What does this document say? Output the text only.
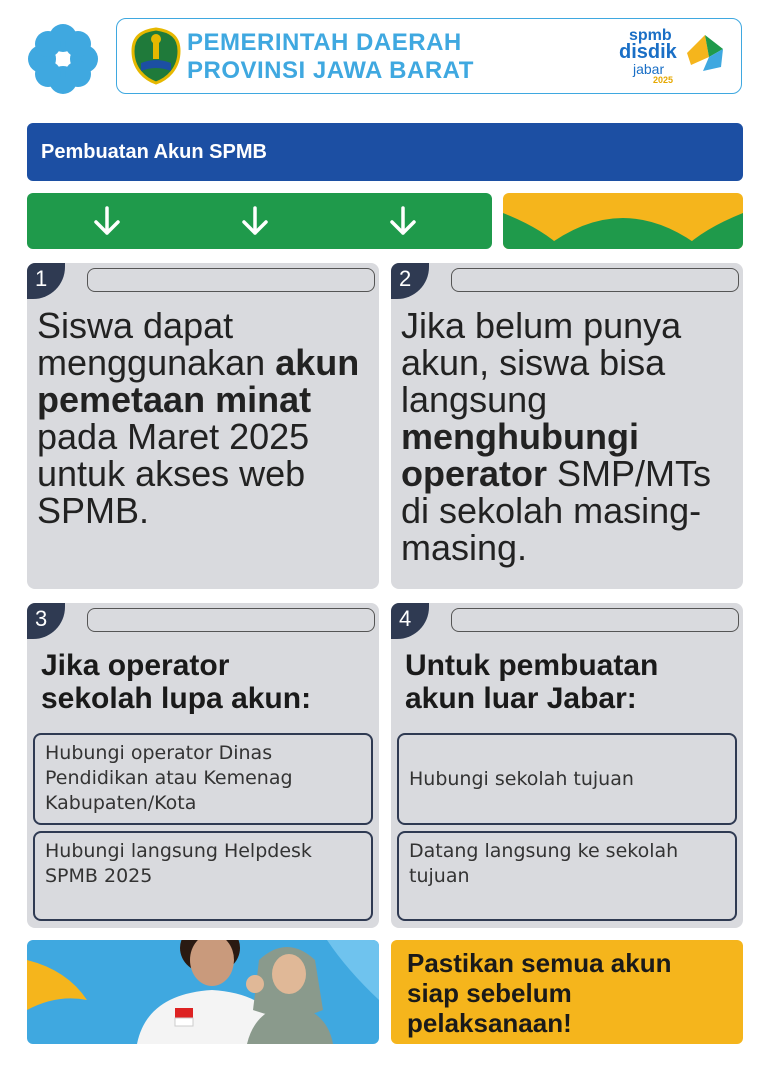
PEMERINTAH DAERAH
PROVINSI JAWA BARAT
spmb
disdik
jabar
2025
Pembuatan Akun SPMB
1
Siswa dapat menggunakan akun pemetaan minat pada Maret 2025 untuk akses web SPMB.
2
Jika belum punya akun, siswa bisa langsung menghubungi operator SMP/MTs di sekolah masing-masing.
3
Jika operator sekolah lupa akun:
Hubungi operator Dinas Pendidikan atau Kemenag Kabupaten/Kota
Hubungi langsung Helpdesk SPMB 2025
4
Untuk pembuatan akun luar Jabar:
Hubungi sekolah tujuan
Datang langsung ke sekolah tujuan
Pastikan semua akun siap sebelum pelaksanaan!
